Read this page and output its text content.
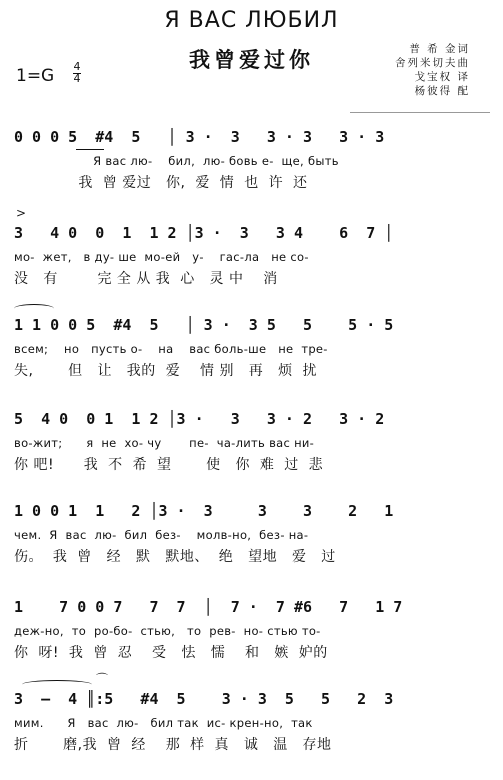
Я ВАС ЛЮБИЛ
我曾爱过你
1=G 4
4
普 希 金词
舍列米切夫曲
戈宝权 译
杨彼得 配
0 0 0 5  #4  5   │ 3 ·  3   3 · 3   3 · 3
Я вас лю-    бил,  лю- бовь е-  ще, быть
我  曾 爱过   你,  爱  情  也  许  还
>
3   4 0  0  1  1 2 │3 ·  3   3 4    6  7 │
мо-  жет,   в ду- ше  мо-ей   у-    гас-ла   не со-
没   有        完 全 从 我  心   灵 中    消
1 1 0 0 5  #4  5   │ 3 ·  3 5   5    5 · 5
всем;    но   пусть о-    на    вас боль-ше   не  тре-
失,       但   让   我的  爱    情 别   再   烦  扰
5  4 0  0 1  1 2 │3 ·   3   3 · 2   3 · 2
во-жит;      я  не  хо- чу       пе-  ча-лить вас ни-
你 吧!      我  不  希  望       使   你  难  过  悲
1 0 0 1  1   2 │3 ·  3     3    3    2   1
чем.  Я  вас  лю-  бил  без-    молв-но,  без- на-
伤。  我  曾   经   默   默地、  绝   望地   爱   过
1    7 0 0 7   7  7  │  7 ·  7 #6   7   1 7
деж-но,  то  ро-бо-  стью,   то  рев-  но- стью то-
你  呀!  我  曾  忍    受   怯   懦    和   嫉  妒的
⌒
3  —  4 ║:5   #4  5    3 · 3  5   5   2  3
мим.      Я   вас  лю-   бил так  ис- крен-но,  так
折       磨,我  曾  经    那  样  真   诚   温   存地
